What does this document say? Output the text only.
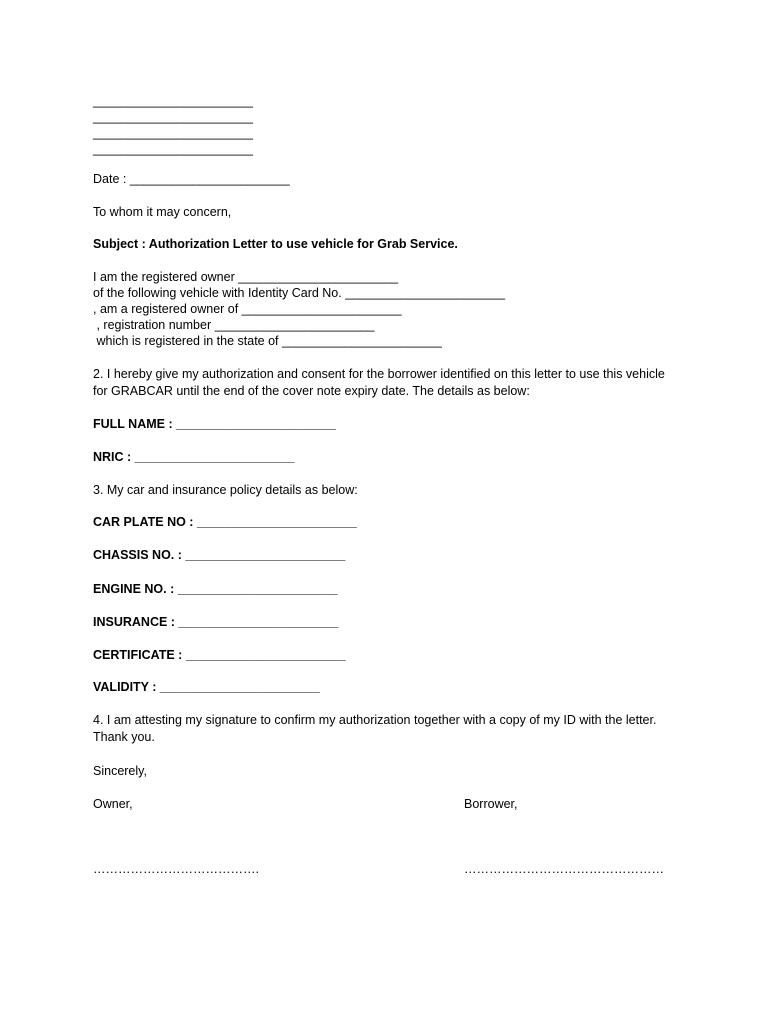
_______________________
_______________________
_______________________
_______________________
Date : _______________________
To whom it may concern,
Subject : Authorization Letter to use vehicle for Grab Service.
I am the registered owner _______________________
of the following vehicle with Identity Card No. _______________________
, am a registered owner of _______________________
, registration number _______________________
which is registered in the state of _______________________
2. I hereby give my authorization and consent for the borrower identified on this letter to use this vehicle for GRABCAR until the end of the cover note expiry date. The details as below:
FULL NAME : _______________________
NRIC : _______________________
3. My car and insurance policy details as below:
CAR PLATE NO : _______________________
CHASSIS NO. : _______________________
ENGINE NO. : _______________________
INSURANCE : _______________________
CERTIFICATE : _______________________
VALIDITY : _______________________
4. I am attesting my signature to confirm my authorization together with a copy of my ID with the letter. Thank you.
Sincerely,
Owner,	Borrower,
………………………………….	…………………………………………
